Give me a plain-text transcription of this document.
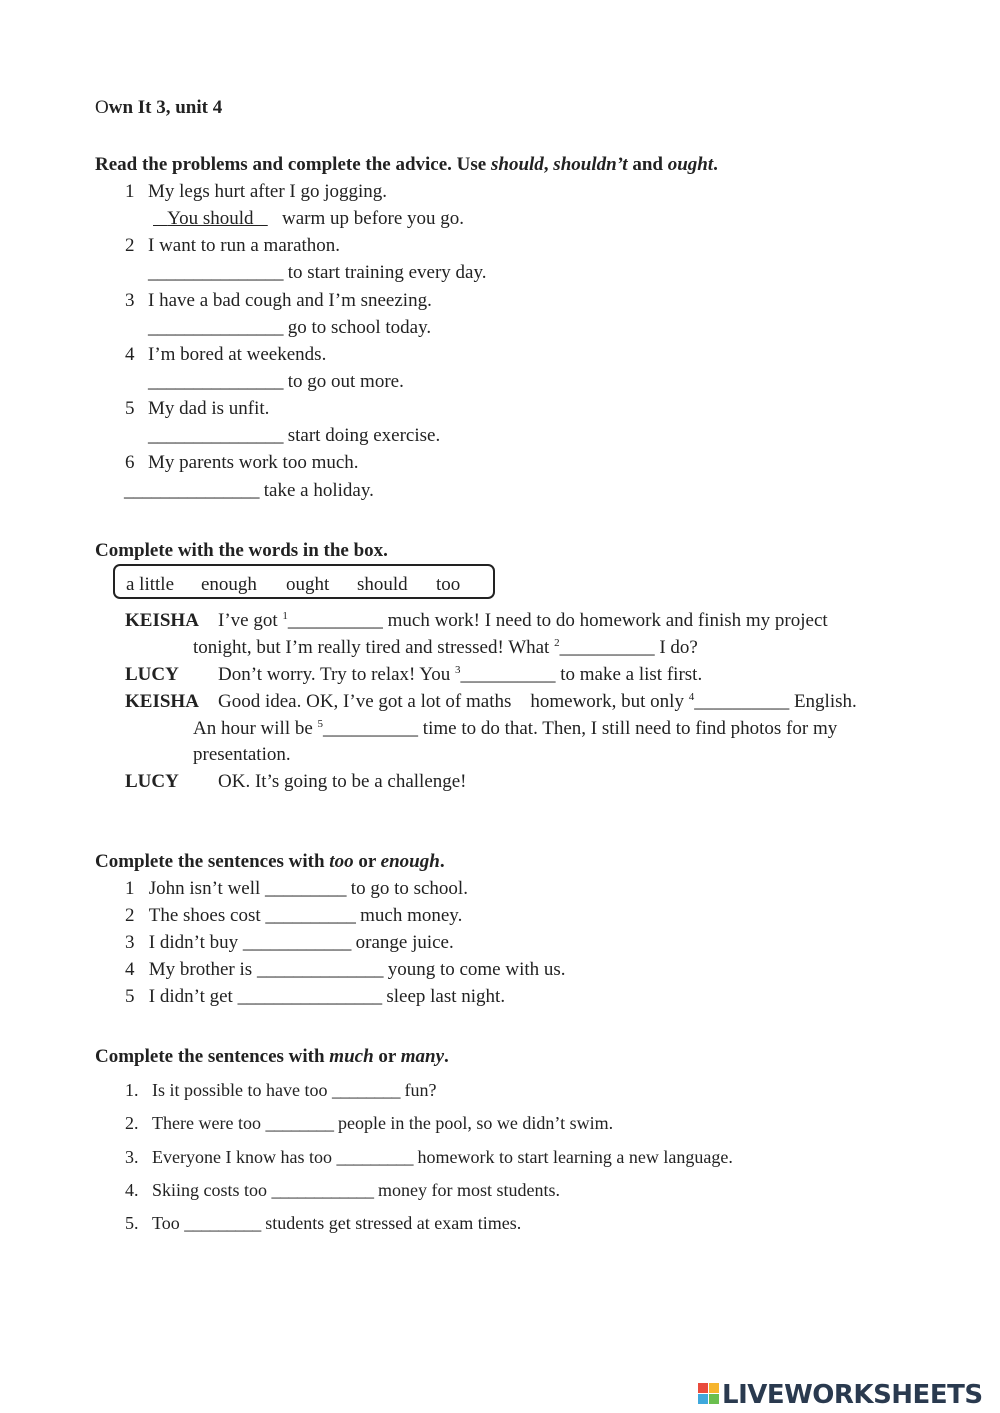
Own It 3, unit 4
Read the problems and complete the advice. Use should, shouldn’t and ought.
1 My legs hurt after I go jogging.
You should warm up before you go.
2 I want to run a marathon.
_______________ to start training every day.
3 I have a bad cough and I’m sneezing.
_______________ go to school today.
4 I’m bored at weekends.
_______________ to go out more.
5 My dad is unfit.
_______________ start doing exercise.
6 My parents work too much.
_______________ take a holiday.
Complete with the words in the box.
a little enough ought should too
KEISHA I’ve got $^1$__________ much work! I need to do homework and finish my project
tonight, but I’m really tired and stressed! What $^2$__________ I do?
LUCY Don’t worry. Try to relax! You $^3$__________ to make a list first.
KEISHA Good idea. OK, I’ve got a lot of maths    homework, but only $^4$__________ English.
An hour will be $^5$__________ time to do that. Then, I still need to find photos for my
presentation.
LUCY OK. It’s going to be a challenge!
Complete the sentences with too or enough.
1 John isn’t well _________ to go to school.
2 The shoes cost __________ much money.
3 I didn’t buy ____________ orange juice.
4 My brother is ______________ young to come with us.
5 I didn’t get ________________ sleep last night.
Complete the sentences with much or many.
1. Is it possible to have too ________ fun?
2. There were too ________ people in the pool, so we didn’t swim.
3. Everyone I know has too _________ homework to start learning a new language.
4. Skiing costs too ____________ money for most students.
5. Too _________ students get stressed at exam times.
LIVEWORKSHEETS
